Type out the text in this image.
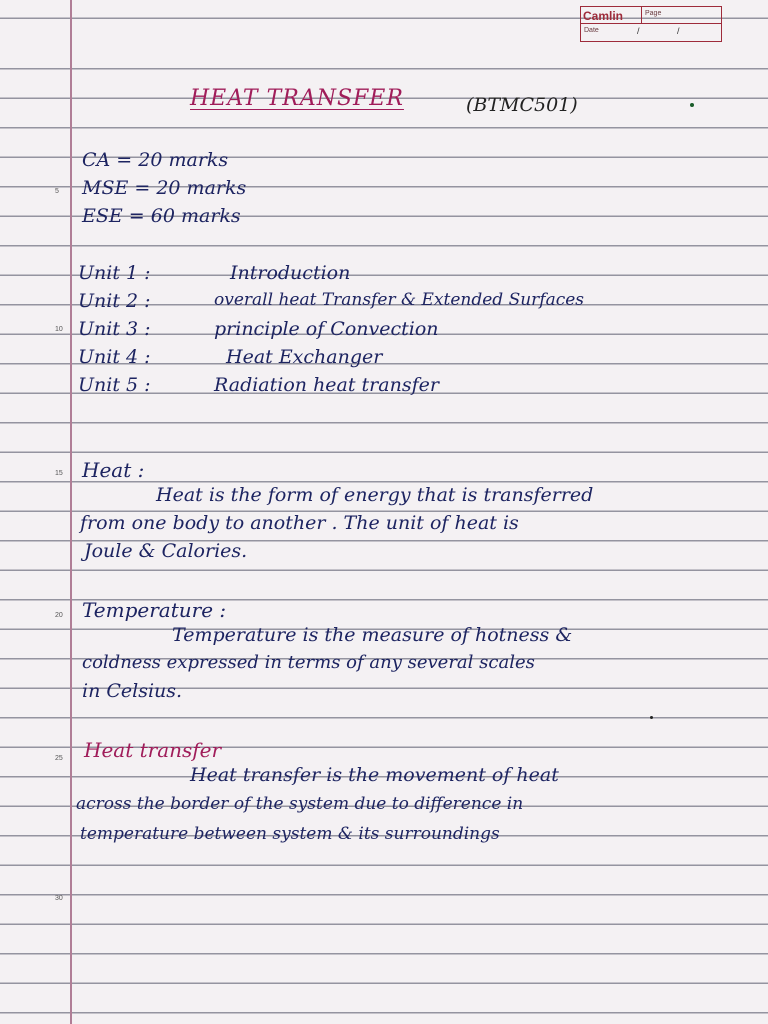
Camlin	Page
Date	/	/
HEAT TRANSFER	(BTMC501)
CA = 20 marks
MSE = 20 marks
ESE = 60 marks
Unit 1 :	Introduction
Unit 2 :	overall heat Transfer & Extended Surfaces
Unit 3 :	principle of Convection
Unit 4 :	Heat Exchanger
Unit 5 :	Radiation heat transfer
Heat :
Heat is the form of energy that is transferred
from one body to another . The unit of heat is
Joule & Calories.
Temperature :
Temperature is the measure of hotness &
coldness expressed in terms of any several scales
in Celsius.
Heat transfer
Heat transfer is the movement of heat
across the border of the system due to difference in
temperature between system & its surroundings
5
10
15
20
25
30
